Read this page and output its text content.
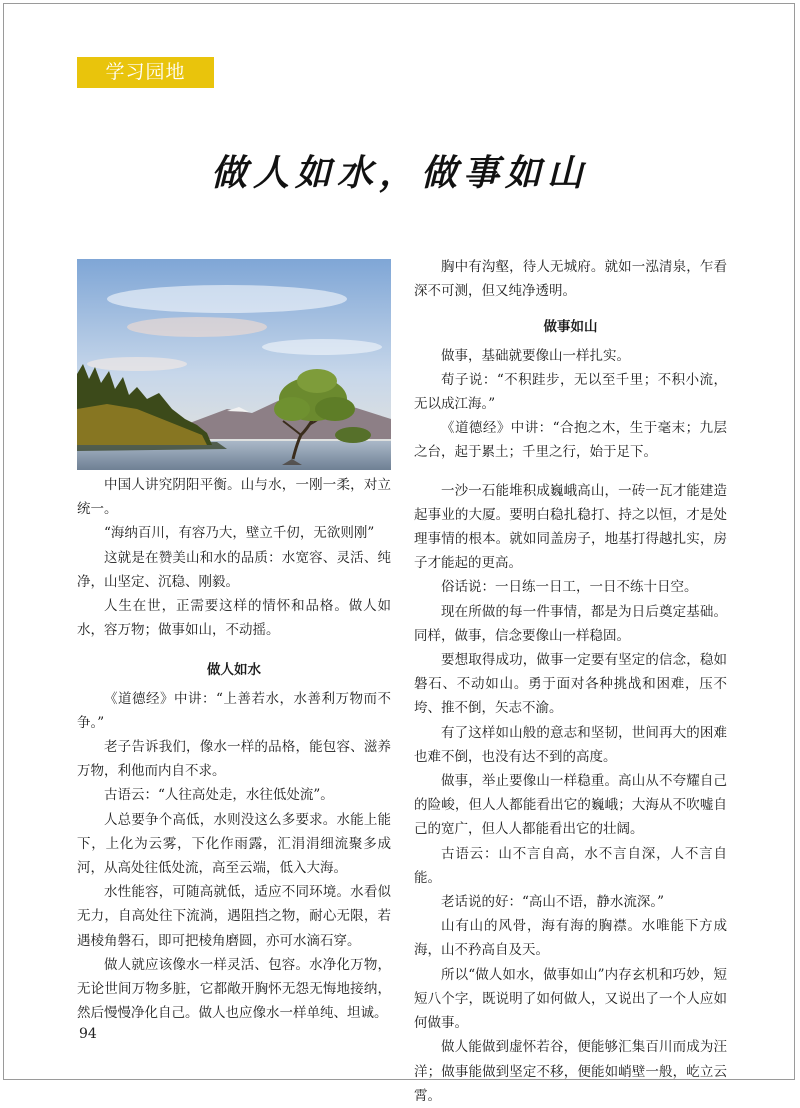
学习园地
做人如水，做事如山

中国人讲究阴阳平衡。山与水，一刚一柔，对立统一。

“海纳百川，有容乃大，壁立千仞，无欲则刚”

这就是在赞美山和水的品质：水宽容、灵活、纯净，山坚定、沉稳、刚毅。

人生在世，正需要这样的情怀和品格。做人如水，容万物；做事如山，不动摇。

做人如水

《道德经》中讲：“上善若水，水善利万物而不争。”

老子告诉我们，像水一样的品格，能包容、滋养万物，利他而内自不求。

古语云：“人往高处走，水往低处流”。

人总要争个高低，水则没这么多要求。水能上能下，上化为云雾，下化作雨露，汇涓涓细流聚多成河，从高处往低处流，高至云端，低入大海。

水性能容，可随高就低，适应不同环境。水看似无力，自高处往下流淌，遇阻挡之物，耐心无限，若遇棱角磐石，即可把棱角磨圆，亦可水滴石穿。

做人就应该像水一样灵活、包容。水净化万物，无论世间万物多脏，它都敞开胸怀无怨无悔地接纳，然后慢慢净化自己。做人也应像水一样单纯、坦诚。

胸中有沟壑，待人无城府。就如一泓清泉，乍看深不可测，但又纯净透明。

做事如山

做事，基础就要像山一样扎实。

荀子说：“不积跬步，无以至千里；不积小流，无以成江海。”

《道德经》中讲：“合抱之木，生于毫末；九层之台，起于累土；千里之行，始于足下。

一沙一石能堆积成巍峨高山，一砖一瓦才能建造起事业的大厦。要明白稳扎稳打、持之以恒，才是处理事情的根本。就如同盖房子，地基打得越扎实，房子才能起的更高。

俗话说：一日练一日工，一日不练十日空。

现在所做的每一件事情，都是为日后奠定基础。同样，做事，信念要像山一样稳固。

要想取得成功，做事一定要有坚定的信念，稳如磐石、不动如山。勇于面对各种挑战和困难，压不垮、推不倒，矢志不渝。

有了这样如山般的意志和坚韧，世间再大的困难也难不倒，也没有达不到的高度。

做事，举止要像山一样稳重。高山从不夸耀自己的险峻，但人人都能看出它的巍峨；大海从不吹嘘自己的宽广，但人人都能看出它的壮阔。

古语云：山不言自高，水不言自深，人不言自能。

老话说的好：“高山不语，静水流深。”

山有山的风骨，海有海的胸襟。水唯能下方成海，山不矜高自及天。

所以“做人如水，做事如山”内存玄机和巧妙，短短八个字，既说明了如何做人，又说出了一个人应如何做事。

做人能做到虚怀若谷，便能够汇集百川而成为汪洋；做事能做到坚定不移，便能如峭壁一般，屹立云霄。

94
